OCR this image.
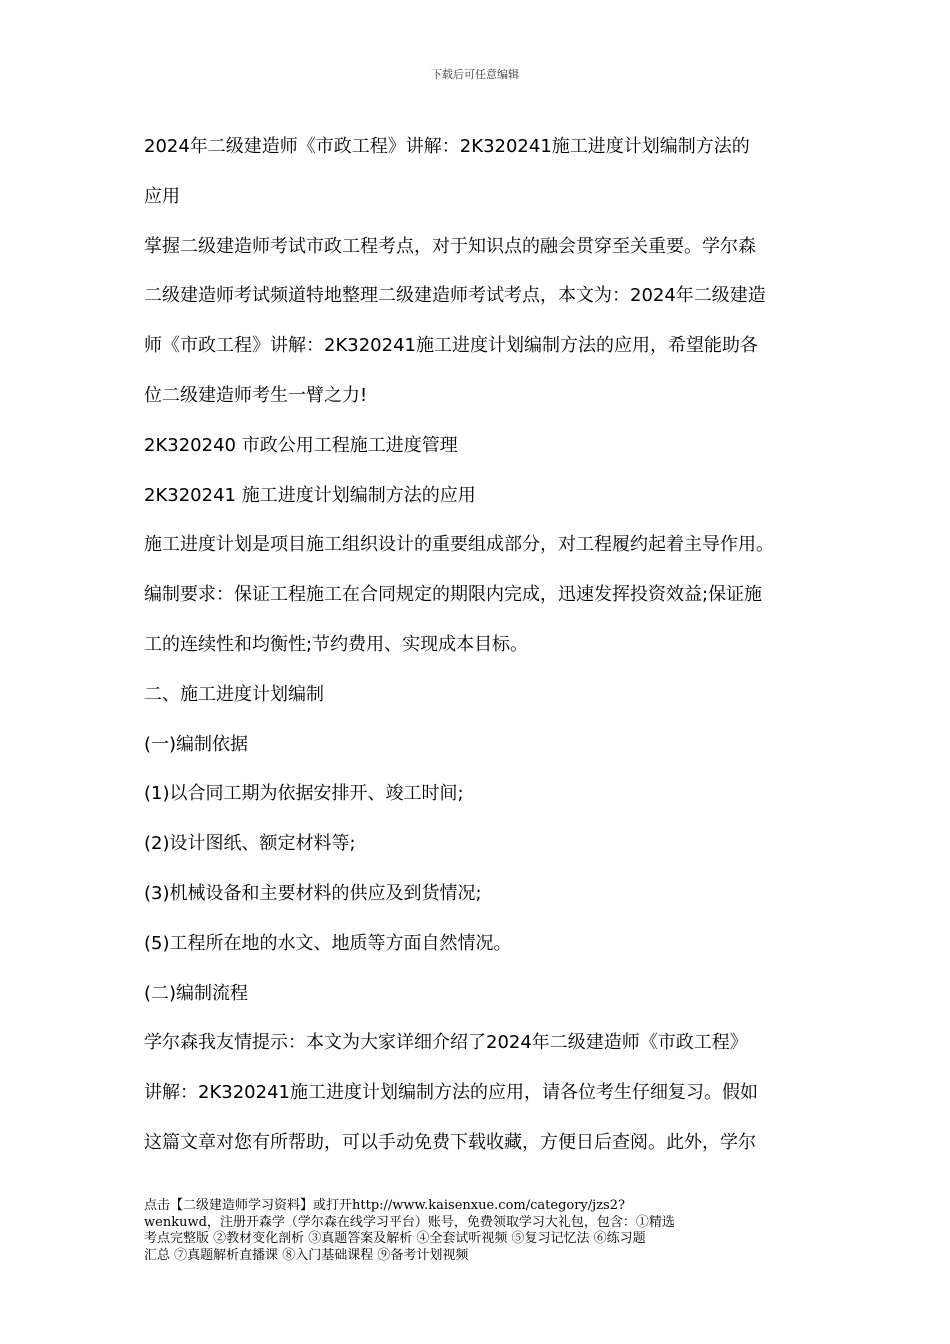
下载后可任意编辑
2024年二级建造师《市政工程》讲解：2K320241施工进度计划编制方法的
应用
掌握二级建造师考试市政工程考点，对于知识点的融会贯穿至关重要。学尔森
二级建造师考试频道特地整理二级建造师考试考点，本文为：2024年二级建造
师《市政工程》讲解：2K320241施工进度计划编制方法的应用，希望能助各
位二级建造师考生一臂之力!
2K320240 市政公用工程施工进度管理
2K320241 施工进度计划编制方法的应用
施工进度计划是项目施工组织设计的重要组成部分，对工程履约起着主导作用。
编制要求：保证工程施工在合同规定的期限内完成，迅速发挥投资效益;保证施
工的连续性和均衡性;节约费用、实现成本目标。
二、施工进度计划编制
(一)编制依据
(1)以合同工期为依据安排开、竣工时间;
(2)设计图纸、额定材料等;
(3)机械设备和主要材料的供应及到货情况;
(5)工程所在地的水文、地质等方面自然情况。
(二)编制流程
学尔森我友情提示：本文为大家详细介绍了2024年二级建造师《市政工程》
讲解：2K320241施工进度计划编制方法的应用，请各位考生仔细复习。假如
这篇文章对您有所帮助，可以手动免费下载收藏，方便日后查阅。此外，学尔
点击【二级建造师学习资料】或打开http://www.kaisenxue.com/category/jzs2?
wenkuwd，注册开森学（学尔森在线学习平台）账号，免费领取学习大礼包，包含：①精选
考点完整版 ②教材变化剖析 ③真题答案及解析 ④全套试听视频 ⑤复习记忆法 ⑥练习题
汇总 ⑦真题解析直播课 ⑧入门基础课程 ⑨备考计划视频
